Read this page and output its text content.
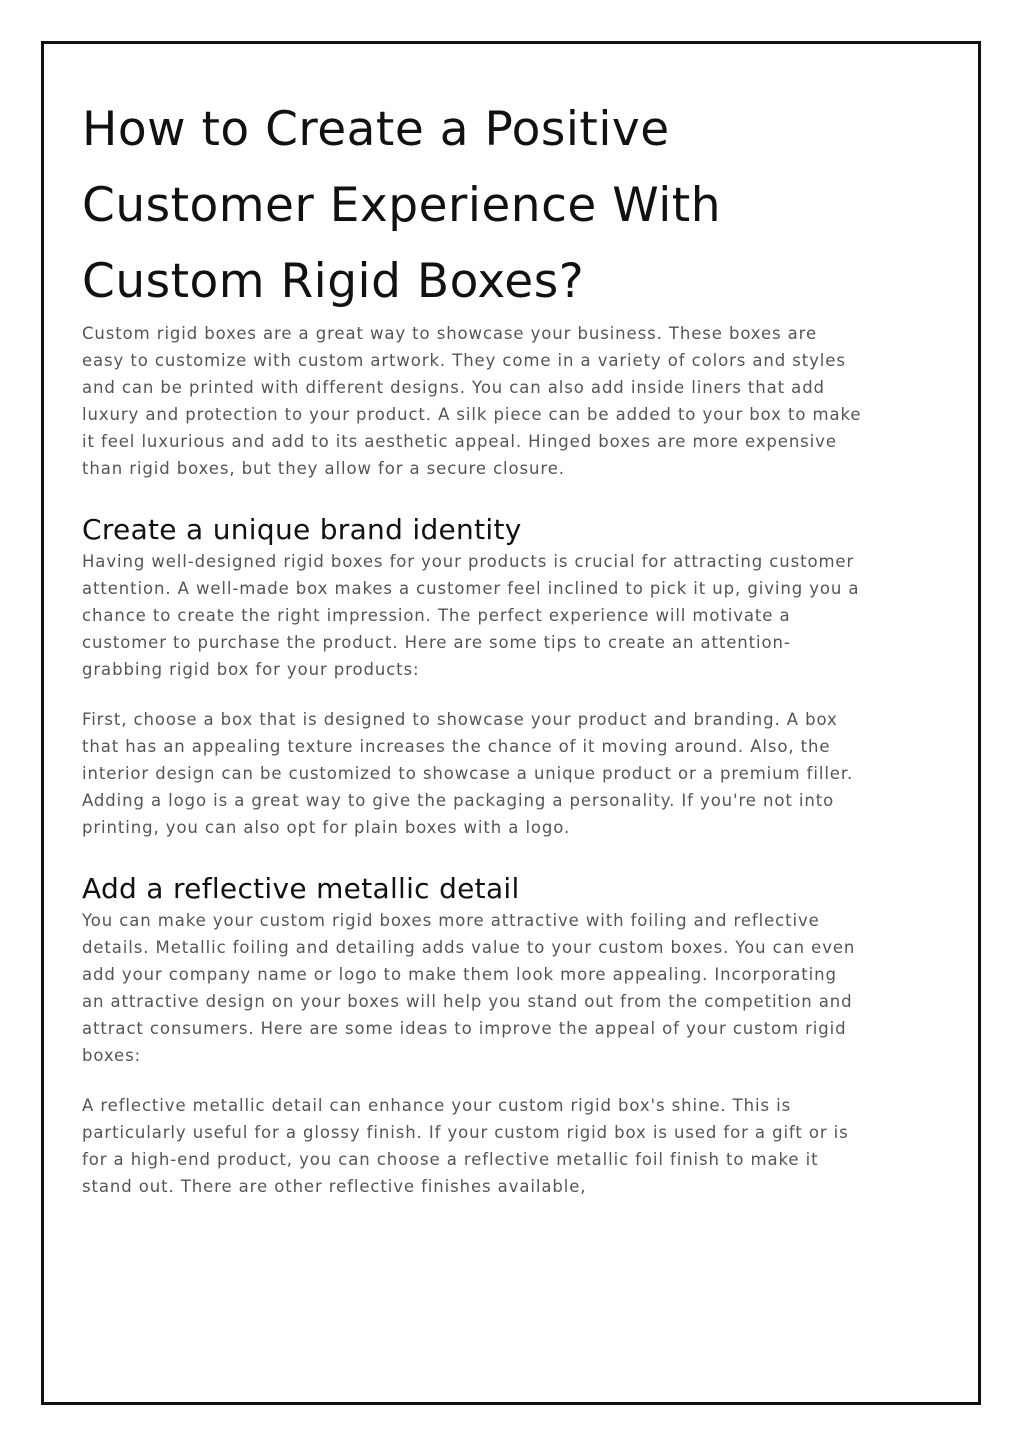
How to Create a Positive Customer Experience With Custom Rigid Boxes?

Custom rigid boxes are a great way to showcase your business. These boxes are easy to customize with custom artwork. They come in a variety of colors and styles and can be printed with different designs. You can also add inside liners that add luxury and protection to your product. A silk piece can be added to your box to make it feel luxurious and add to its aesthetic appeal. Hinged boxes are more expensive than rigid boxes, but they allow for a secure closure.

Create a unique brand identity

Having well-designed rigid boxes for your products is crucial for attracting customer attention. A well-made box makes a customer feel inclined to pick it up, giving you a chance to create the right impression. The perfect experience will motivate a customer to purchase the product. Here are some tips to create an attention-grabbing rigid box for your products:

First, choose a box that is designed to showcase your product and branding. A box that has an appealing texture increases the chance of it moving around. Also, the interior design can be customized to showcase a unique product or a premium filler. Adding a logo is a great way to give the packaging a personality. If you're not into printing, you can also opt for plain boxes with a logo.

Add a reflective metallic detail

You can make your custom rigid boxes more attractive with foiling and reflective details. Metallic foiling and detailing adds value to your custom boxes. You can even add your company name or logo to make them look more appealing. Incorporating an attractive design on your boxes will help you stand out from the competition and attract consumers. Here are some ideas to improve the appeal of your custom rigid boxes:

A reflective metallic detail can enhance your custom rigid box's shine. This is particularly useful for a glossy finish. If your custom rigid box is used for a gift or is for a high-end product, you can choose a reflective metallic foil finish to make it stand out. There are other reflective finishes available,
